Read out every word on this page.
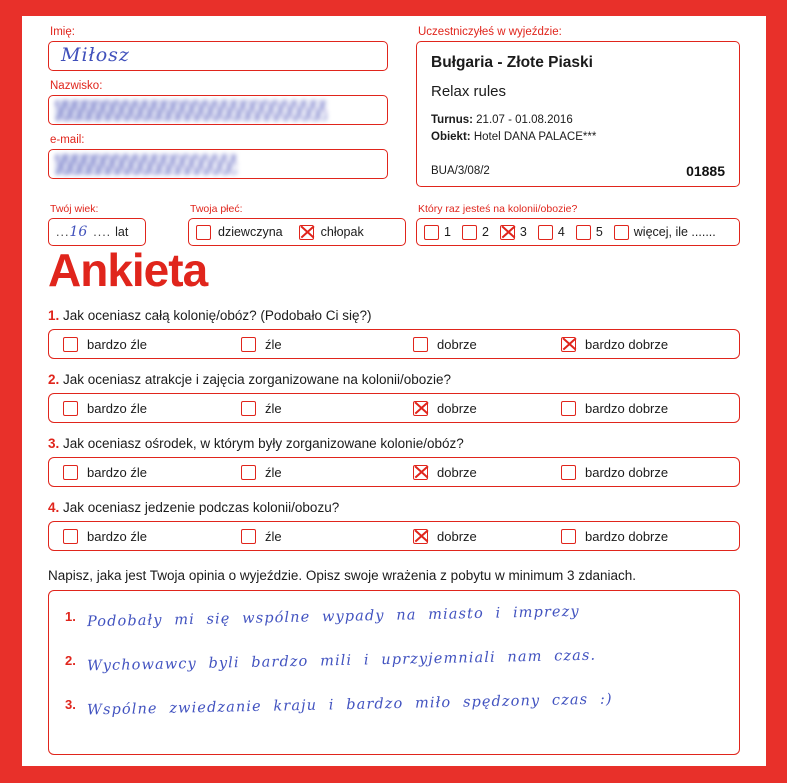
Imię:
Miłosz
Nazwisko:
e-mail:
Uczestniczyłeś w wyjeździe:
Bułgaria - Złote Piaski
Relax rules
Turnus: 21.07 - 01.08.2016
Obiekt: Hotel DANA PALACE***
BUA/3/08/2	01885
Twój wiek:
... 16 .... lat
Twoja płeć:
dziewczyna	chłopak
Który raz jesteś na kolonii/obozie?
1 2 3 4 5 więcej, ile .......
Ankieta

1. Jak oceniasz całą kolonię/obóz? (Podobało Ci się?)

bardzo źle	źle	dobrze	bardzo dobrze

2. Jak oceniasz atrakcje i zajęcia zorganizowane na kolonii/obozie?

bardzo źle	źle	dobrze	bardzo dobrze

3. Jak oceniasz ośrodek, w którym były zorganizowane kolonie/obóz?

bardzo źle	źle	dobrze	bardzo dobrze

4. Jak oceniasz jedzenie podczas kolonii/obozu?

bardzo źle	źle	dobrze	bardzo dobrze
Napisz, jaka jest Twoja opinia o wyjeździe. Opisz swoje wrażenia z pobytu w minimum 3 zdaniach.
1. Podobały mi się wspólne wypady na miasto i imprezy
2. Wychowawcy byli bardzo mili i uprzyjemniali nam czas.
3. Wspólne zwiedzanie kraju i bardzo miło spędzony czas :)
